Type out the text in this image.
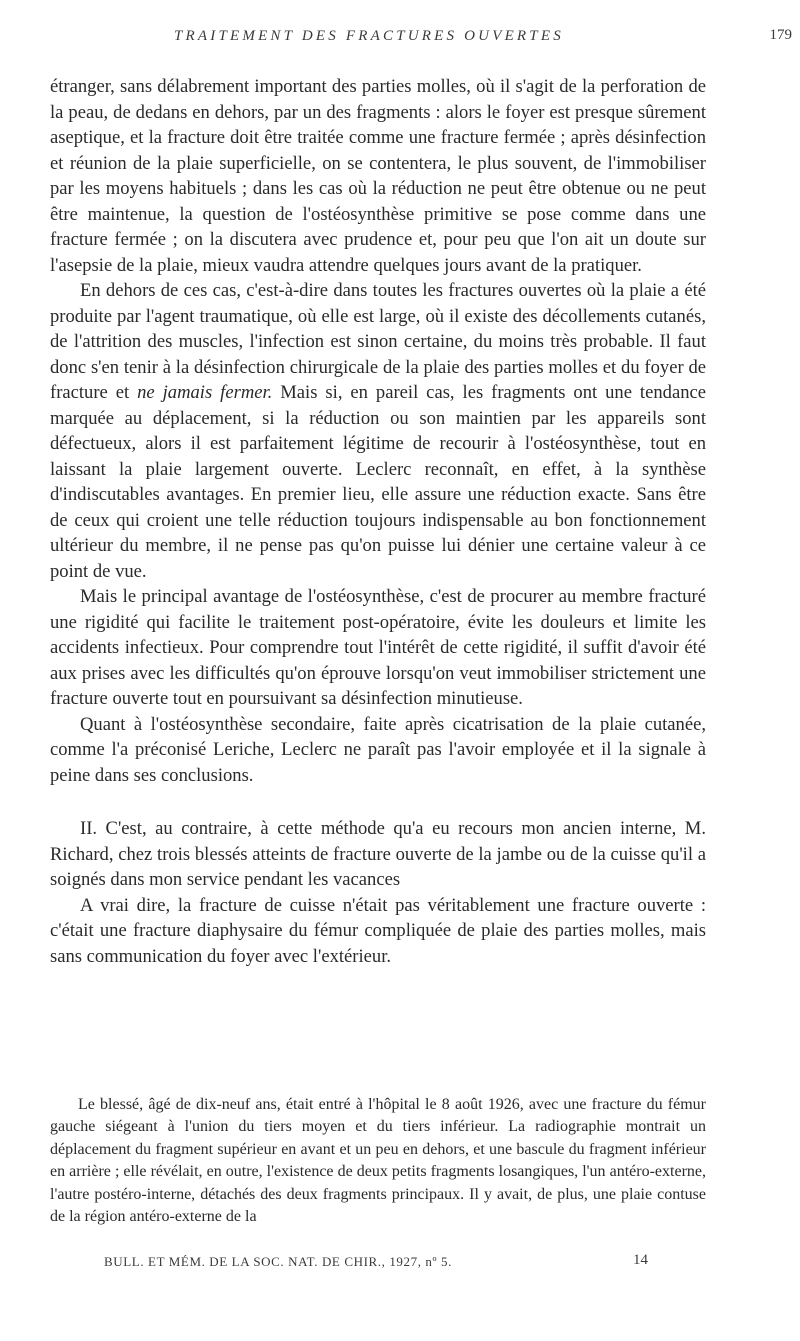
TRAITEMENT DES FRACTURES OUVERTES	179

étranger, sans délabrement important des parties molles, où il s'agit de la perforation de la peau, de dedans en dehors, par un des fragments : alors le foyer est presque sûrement aseptique, et la fracture doit être traitée comme une fracture fermée ; après désinfection et réunion de la plaie superficielle, on se contentera, le plus souvent, de l'immobiliser par les moyens habituels ; dans les cas où la réduction ne peut être obtenue ou ne peut être maintenue, la question de l'ostéosynthèse primitive se pose comme dans une fracture fermée ; on la discutera avec prudence et, pour peu que l'on ait un doute sur l'asepsie de la plaie, mieux vaudra attendre quelques jours avant de la pratiquer.

En dehors de ces cas, c'est-à-dire dans toutes les fractures ouvertes où la plaie a été produite par l'agent traumatique, où elle est large, où il existe des décollements cutanés, de l'attrition des muscles, l'infection est sinon certaine, du moins très probable. Il faut donc s'en tenir à la désinfection chirurgicale de la plaie des parties molles et du foyer de fracture et ne jamais fermer. Mais si, en pareil cas, les fragments ont une tendance marquée au déplacement, si la réduction ou son maintien par les appareils sont défectueux, alors il est parfaitement légitime de recourir à l'ostéosynthèse, tout en laissant la plaie largement ouverte. Leclerc reconnaît, en effet, à la synthèse d'indiscutables avantages. En premier lieu, elle assure une réduction exacte. Sans être de ceux qui croient une telle réduction toujours indispensable au bon fonctionnement ultérieur du membre, il ne pense pas qu'on puisse lui dénier une certaine valeur à ce point de vue.

Mais le principal avantage de l'ostéosynthèse, c'est de procurer au membre fracturé une rigidité qui facilite le traitement post-opératoire, évite les douleurs et limite les accidents infectieux. Pour comprendre tout l'intérêt de cette rigidité, il suffit d'avoir été aux prises avec les difficultés qu'on éprouve lorsqu'on veut immobiliser strictement une fracture ouverte tout en poursuivant sa désinfection minutieuse.

Quant à l'ostéosynthèse secondaire, faite après cicatrisation de la plaie cutanée, comme l'a préconisé Leriche, Leclerc ne paraît pas l'avoir employée et il la signale à peine dans ses conclusions.

II. C'est, au contraire, à cette méthode qu'a eu recours mon ancien interne, M. Richard, chez trois blessés atteints de fracture ouverte de la jambe ou de la cuisse qu'il a soignés dans mon service pendant les vacances

A vrai dire, la fracture de cuisse n'était pas véritablement une fracture ouverte : c'était une fracture diaphysaire du fémur compliquée de plaie des parties molles, mais sans communication du foyer avec l'extérieur.

Le blessé, âgé de dix-neuf ans, était entré à l'hôpital le 8 août 1926, avec une fracture du fémur gauche siégeant à l'union du tiers moyen et du tiers inférieur. La radiographie montrait un déplacement du fragment supérieur en avant et un peu en dehors, et une bascule du fragment inférieur en arrière ; elle révélait, en outre, l'existence de deux petits fragments losangiques, l'un antéro-externe, l'autre postéro-interne, détachés des deux fragments principaux. Il y avait, de plus, une plaie contuse de la région antéro-externe de la

BULL. ET MÉM. DE LA SOC. NAT. DE CHIR., 1927, nº 5.	14
